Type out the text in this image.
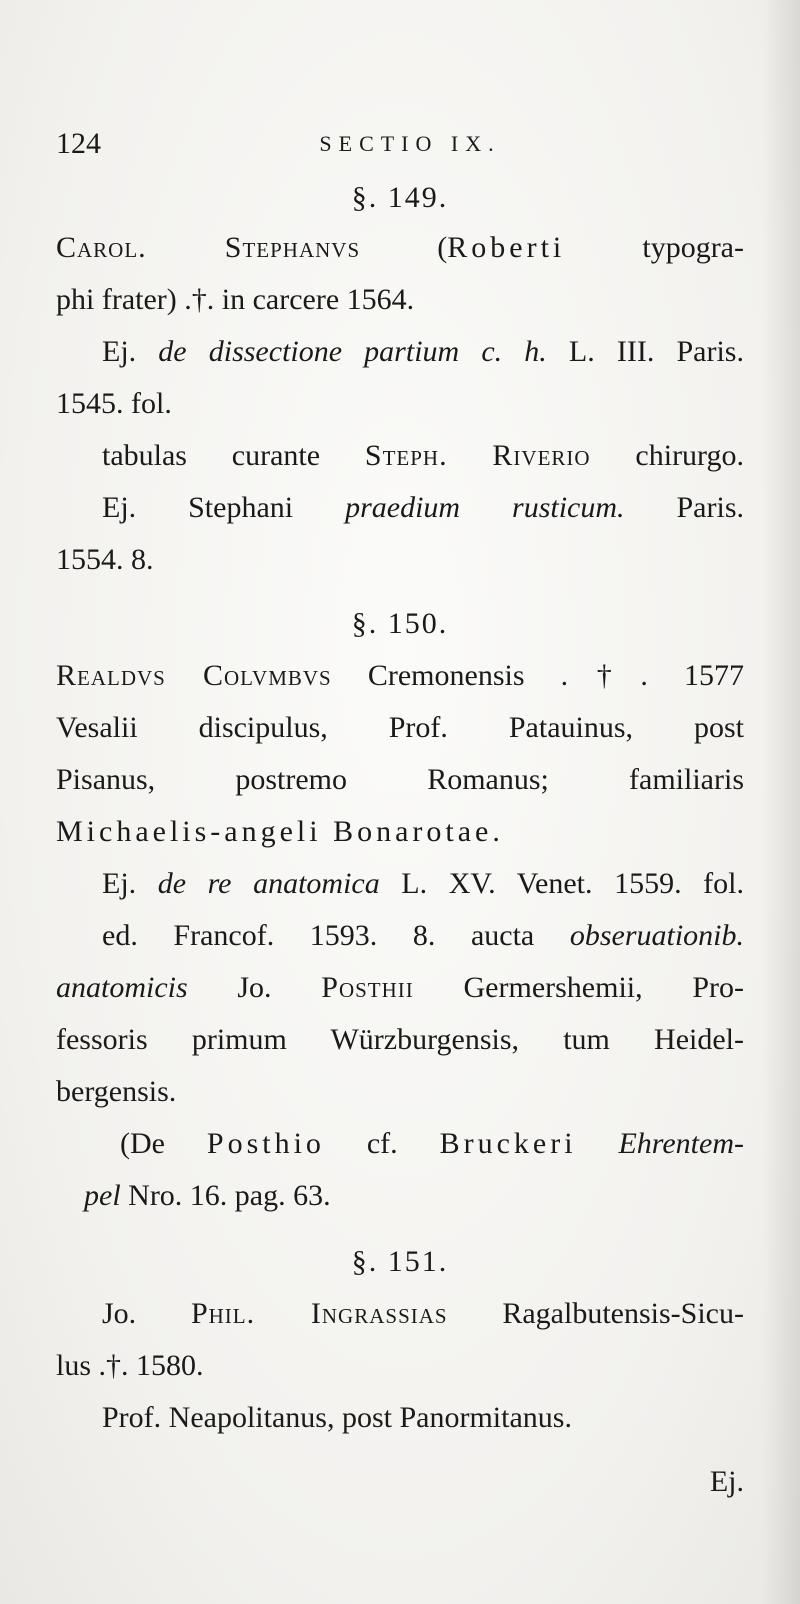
124	SECTIO IX.
§. 149.
Carol. Stephanvs (Roberti typogra-
phi frater) .†. in carcere 1564.
Ej. de dissectione partium c. h. L. III. Paris.
1545. fol.
tabulas curante Steph. Riverio chirurgo.
Ej. Stephani praedium rusticum. Paris.
1554. 8.
§. 150.
Realdvs Colvmbvs Cremonensis .†. 1577
Vesalii discipulus, Prof. Patauinus, post
Pisanus, postremo Romanus; familiaris
Michaelis-angeli Bonarotae.
Ej. de re anatomica L. XV. Venet. 1559. fol.
ed. Francof. 1593. 8. aucta obseruationib.
anatomicis Jo. Posthii Germershemii, Pro-
fessoris primum Würzburgensis, tum Heidel-
bergensis.
(De Posthio cf. Bruckeri Ehrentem-
pel Nro. 16. pag. 63.
§. 151.
Jo. Phil. Ingrassias Ragalbutensis-Sicu-
lus .†. 1580.
Prof. Neapolitanus, post Panormitanus.
Ej.
